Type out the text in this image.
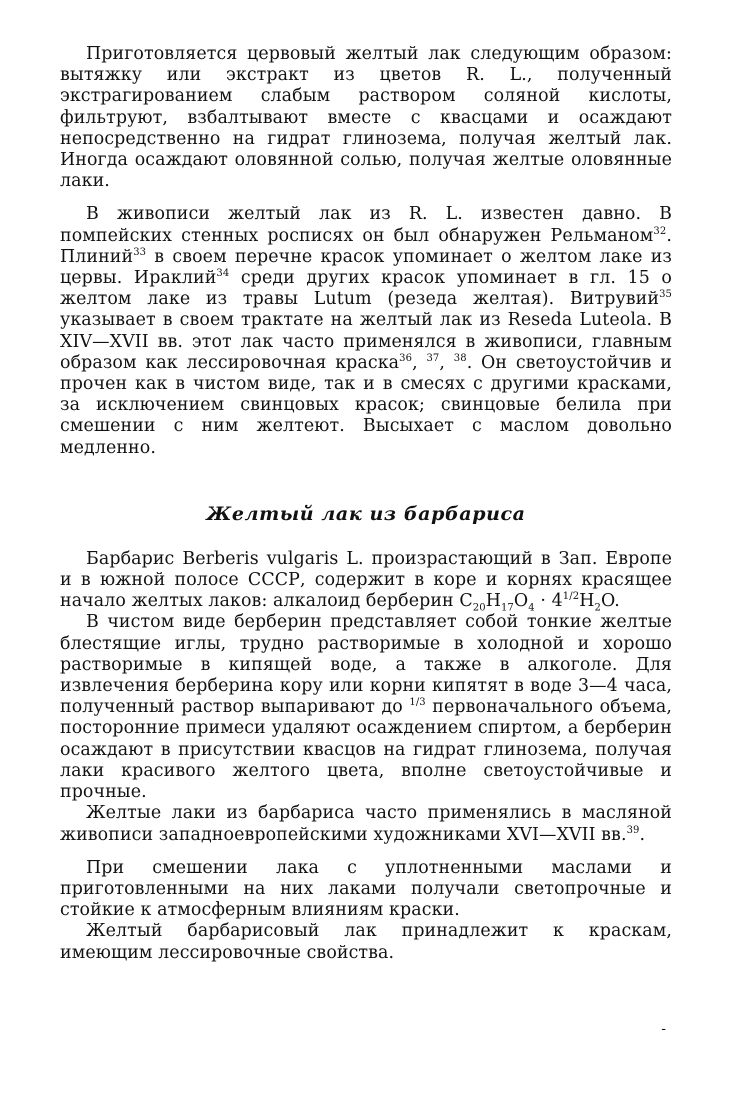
Приготовляется цервовый желтый лак следующим образом: вытяжку или экстракт из цветов R. L., полученный экстрагированием слабым раствором соляной кислоты, фильтруют, взбалтывают вместе с квасцами и осаждают непосредственно на гидрат глинозема, получая желтый лак. Иногда осаждают оловянной солью, получая желтые оловянные лаки.

В живописи желтый лак из R. L. известен давно. В помпейских стенных росписях он был обнаружен Рельманом$^{32}$. Плиний$^{33}$ в своем перечне красок упоминает о желтом лаке из цервы. Ираклий$^{34}$ среди других красок упоминает в гл. 15 о желтом лаке из травы Lutum (резеда желтая). Витрувий$^{35}$ указывает в своем трактате на желтый лак из Reseda Luteola. В XIV—XVII вв. этот лак часто применялся в живописи, главным образом как лессировочная краска$^{36}$, $^{37}$, $^{38}$. Он светоустойчив и прочен как в чистом виде, так и в смесях с другими красками, за исключением свинцовых красок; свинцовые белила при смешении с ним желтеют. Высыхает с маслом довольно медленно.

Желтый лак из барбариса

Барбарис Berberis vulgaris L. произрастающий в Зап. Европе и в южной полосе СССР, содержит в коре и корнях красящее начало желтых лаков: алкалоид берберин $C_{20}H_{17}O_4 \cdot 4^{1/2}H_2O$.

В чистом виде берберин представляет собой тонкие желтые блестящие иглы, трудно растворимые в холодной и хорошо растворимые в кипящей воде, а также в алкоголе. Для извлечения берберина кору или корни кипятят в воде 3—4 часа, полученный раствор выпаривают до $^{1/3}$ первоначального объема, посторонние примеси удаляют осаждением спиртом, а берберин осаждают в присутствии квасцов на гидрат глинозема, получая лаки красивого желтого цвета, вполне светоустойчивые и прочные.

Желтые лаки из барбариса часто применялись в масляной живописи западноевропейскими художниками XVI—XVII вв.$^{39}$.

При смешении лака с уплотненными маслами и приготовленными на них лаками получали светопрочные и стойкие к атмосферным влияниям краски.

Желтый барбарисовый лак принадлежит к краскам, имеющим лессировочные свойства.

-
